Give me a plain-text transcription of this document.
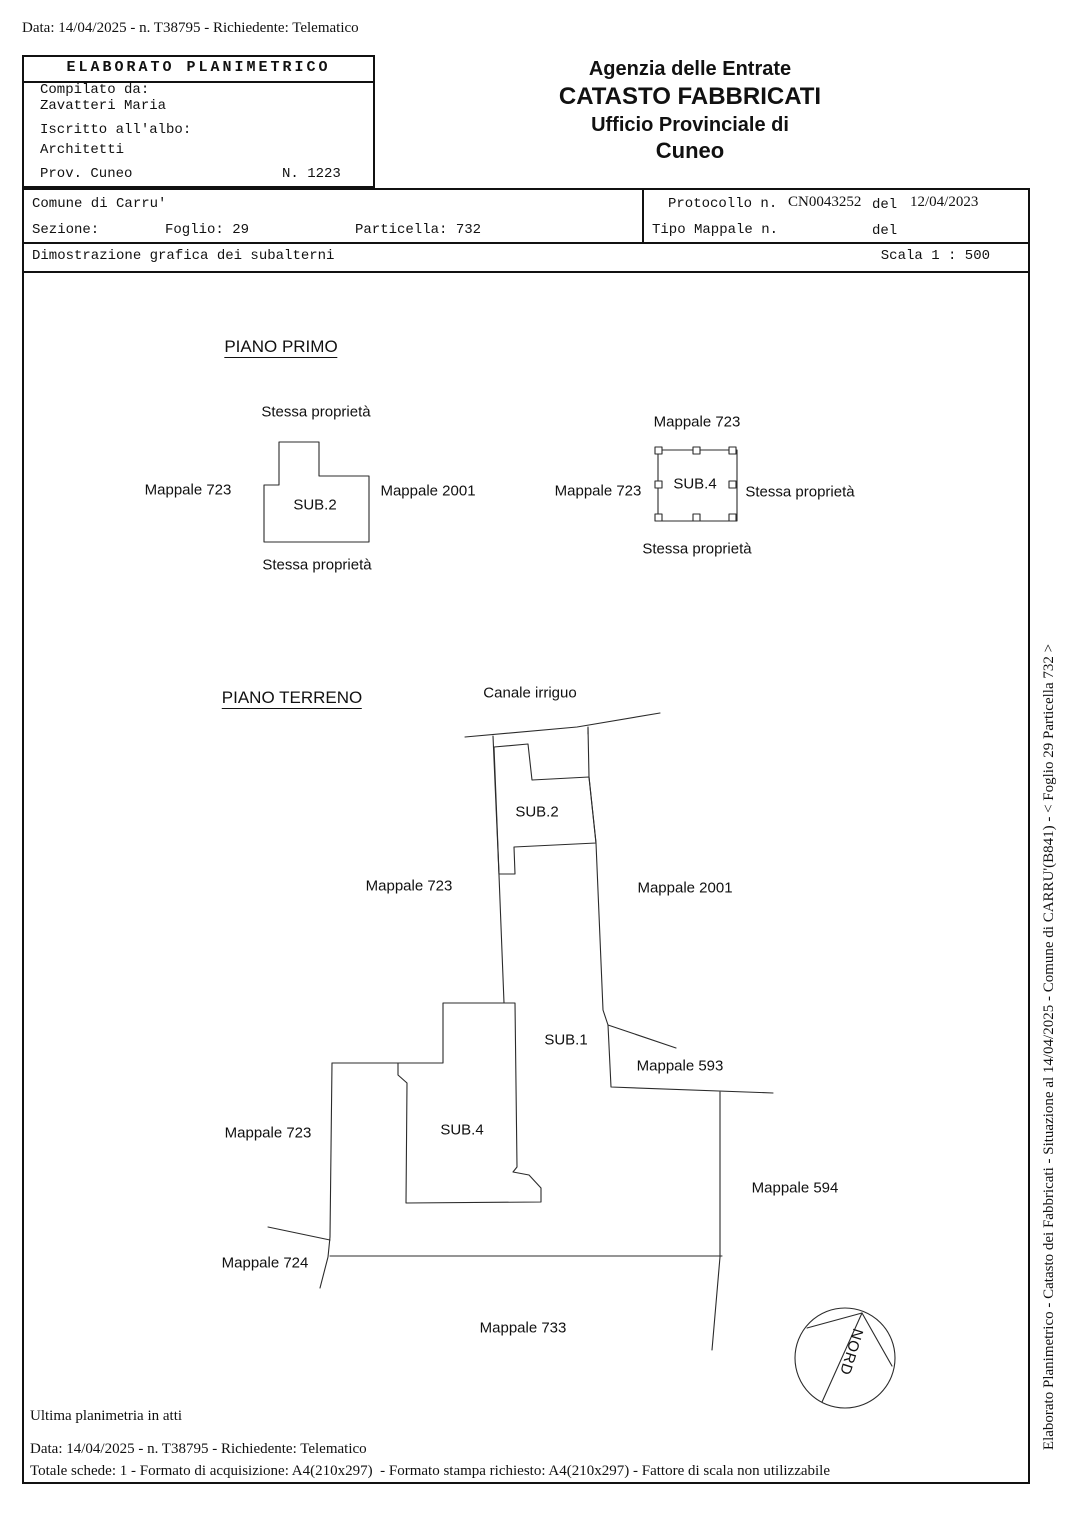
Data: 14/04/2025 - n. T38795 - Richiedente: Telematico
ELABORATO PLANIMETRICO
Compilato da:
Zavatteri Maria
Iscritto all'albo:
Architetti
Prov. Cuneo	N. 1223
Agenzia delle Entrate
CATASTO FABBRICATI
Ufficio Provinciale di
Cuneo
Comune di Carru'
Sezione:	Foglio: 29	Particella: 732
Protocollo n. CN0043252 del 12/04/2023
Tipo Mappale n.	del
Dimostrazione grafica dei subalterni	Scala 1 : 500
PIANO PRIMO
Stessa proprietà
Mappale 723
SUB.2
Mappale 2001
Stessa proprietà
Mappale 723
Mappale 723 SUB.4 Stessa proprietà
Stessa proprietà
PIANO TERRENO	Canale irriguo
SUB.2
Mappale 723	Mappale 2001
SUB.1
Mappale 593
SUB.4
Mappale 723
Mappale 594
Mappale 724
Mappale 733	NORD	Elaborato Planimetrico - Catasto dei Fabbricati - Situazione al 14/04/2025 - Comune di CARRU'(B841) - < Foglio 29 Particella 732 >
Ultima planimetria in atti
Data: 14/04/2025 - n. T38795 - Richiedente: Telematico
Totale schede: 1 - Formato di acquisizione: A4(210x297)  - Formato stampa richiesto: A4(210x297) - Fattore di scala non utilizzabile
